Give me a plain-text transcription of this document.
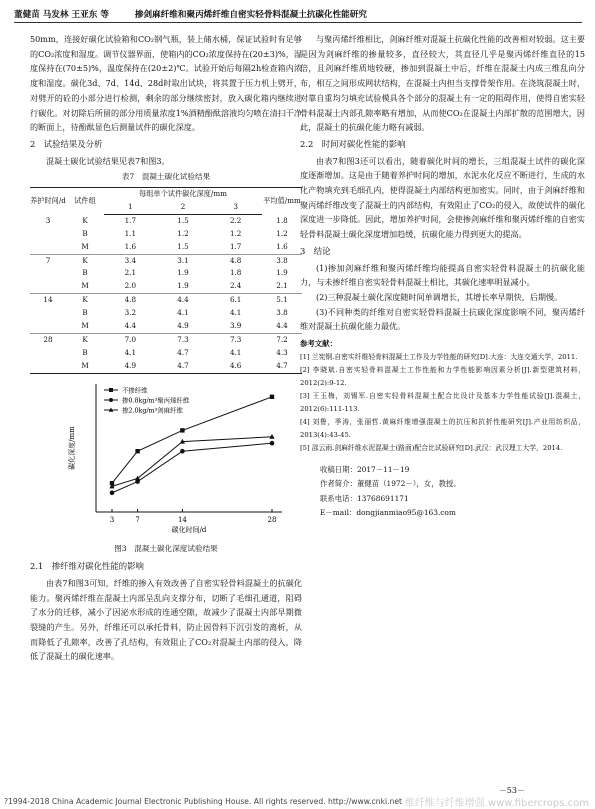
董健苗 马发林 王亚东 等	掺剑麻纤维和聚丙烯纤维自密实轻骨料混凝土抗碳化性能研究

50mm，连接好碳化试验箱和CO₂钢气瓶，装上储水桶，保证试验时有足够的CO₂浓度和湿度。调节仪器界面，使箱内的CO₂浓度保持在(20±3)%，湿度保持在(70±5)%，温度保持在(20±2)℃。试验开始后每隔2h检查箱内浓度和湿度。碳化3d、7d、14d、28d时取出试块，将其置于压力机上劈开，对劈开的砼的小部分进行检测，剩余的部分继续密封，放入碳化箱内继续进行碳化。对切除后所留的部分用质量浓度1%酒精酚酞溶液均匀喷在清扫干净的断面上，待酚酞显色后测量试件的碳化深度。

2　试验结果及分析

混凝土碳化试验结果见表7和图3。

表7　混凝土碳化试验结果

养护时间/d	试件组	每组单个试件碳化深度/mm			平均值/mm
		1	2	3	
3	K	1.7	1.5	2.2	1.8
	B	1.1	1.2	1.2	1.2
	M	1.6	1.5	1.7	1.6
7	K	3.4	3.1	4.8	3.8
	B	2.1	1.9	1.8	1.9
	M	2.0	1.9	2.4	2.1
14	K	4.8	4.4	6.1	5.1
	B	3.2	4.1	4.1	3.8
	M	4.4	4.9	3.9	4.4
28	K	7.0	7.3	7.3	7.2
	B	4.1	4.7	4.1	4.3
	M	4.9	4.7	4.6	4.7
3	7	14	28
碳化时间/d
碳化深度/mm
不掺纤维
掺0.8kg/m³聚丙烯纤维
掺2.0kg/m³剑麻纤维

图3　混凝土碳化深度试验结果

2.1　掺纤维对碳化性能的影响

由表7和图3可知，纤维的掺入有效改善了自密实轻骨料混凝土的抗碳化能力。聚丙烯纤维在混凝土内部呈乱向支撑分布，切断了毛细孔通道，阻碍了水分的迁移，减小了因泌水形成的连通空隙，故减少了混凝土内部早期微裂缝的产生。另外，纤维还可以承托骨料，防止因骨料下沉引发的离析，从而降低了孔隙率，改善了孔结构，有效阻止了CO₂对混凝土内部的侵入，降低了混凝土的碳化速率。

与聚丙烯纤维相比，剑麻纤维对混凝土抗碳化性能的改善相对较弱。这主要是因为剑麻纤维的掺量较多，直径较大，其直径几乎是聚丙烯纤维直径的15倍，且剑麻纤维质地较硬，掺加到混凝土中后，纤维在混凝土内成三维乱向分布，相互之间形成网状结构，在混凝土内担当支撑骨架作用。在浇筑混凝土时，对靠自重均匀填充试验模具各个部分的混凝土有一定的阻碍作用，使得自密实轻骨料混凝土内部孔隙率略有增加，从而使CO₂在混凝土内部扩散的范围增大，因此，混凝土的抗碳化能力略有减弱。

2.2　时间对碳化性能的影响

由表7和图3还可以看出，随着碳化时间的增长，三组混凝土试件的碳化深度逐渐增加。这是由于随着养护时间的增加，水泥水化反应不断进行，生成的水化产物填充到毛细孔内，使得混凝土内部结构更加密实。同时，由于剑麻纤维和聚丙烯纤维改变了混凝土的内部结构，有效阻止了CO₂的侵入，故使试件的碳化深度进一步降低。因此，增加养护时间，会使掺剑麻纤维和聚丙烯纤维的自密实轻骨料混凝土碳化深度增加趋缓，抗碳化能力得到更大的提高。

3　结论

(1)掺加剑麻纤维和聚丙烯纤维均能提高自密实轻骨料混凝土的抗碳化能力，与未掺纤维自密实轻骨料混凝土相比，其碳化速率明显减小。

(2)三种混凝土碳化深度随时间单调增长，其增长率早期快，后期慢。

(3)不同种类的纤维对自密实轻骨料混凝土抗碳化深度影响不同，聚丙烯纤维对混凝土抗碳化能力最优。

参考文献：

[1] 兰宪钢.自密实纤维轻骨料混凝土工作及力学性能的研究[D].大连：大连交通大学，2011.

[2] 李晓斌.自密实轻骨料混凝土工作性能和力学性能影响因素分析[J].新型建筑材料，2012(2):9-12.

[3] 王玉梅，刘锡军.自密实轻骨料混凝土配合比设计及基本力学性能试验[J].混凝土，2012(6):111-113.

[4] 刘鲁，季涛，张丽哲.黄麻纤维增强混凝土的抗压和抗折性能研究[J].产业用纺织品，2013(4):43-45.

[5] 邵云雨.剑麻纤维水泥混凝土(路面)配合比试验研究[D].武汉：武汉理工大学，2014.

收稿日期：2017－11－19

作者简介：董健苗（1972－），女，教授。

联系电话：13768691171

E－mail：dongjianmiao95@163.com

－53－
?1994-2018 China Academic Journal Electronic Publishing House. All rights reserved. http://www.cnki.net 维纤维与纤维增强.www.fibercrops.com
